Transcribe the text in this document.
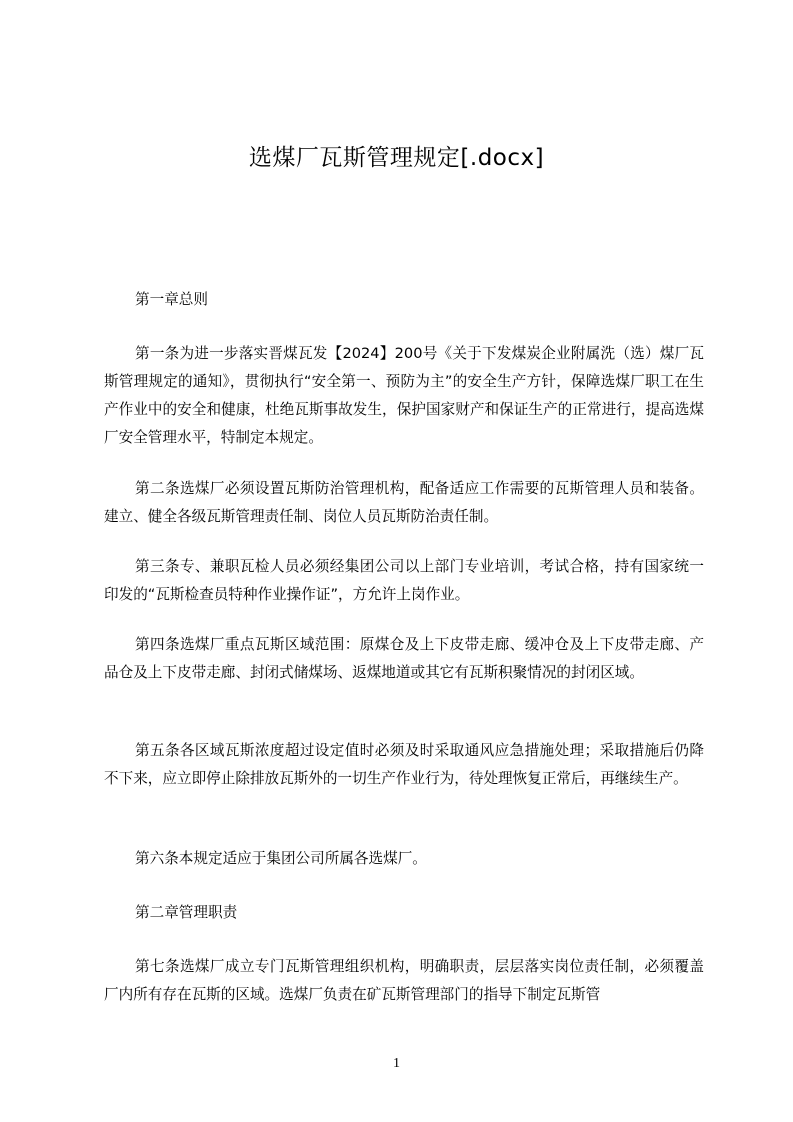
选煤厂瓦斯管理规定[.docx]

第一章总则

第一条为进一步落实晋煤瓦发【2024】200号《关于下发煤炭企业附属洗（选）煤厂瓦斯管理规定的通知》，贯彻执行“安全第一、预防为主”的安全生产方针，保障选煤厂职工在生产作业中的安全和健康，杜绝瓦斯事故发生，保护国家财产和保证生产的正常进行，提高选煤厂安全管理水平，特制定本规定。

第二条选煤厂必须设置瓦斯防治管理机构，配备适应工作需要的瓦斯管理人员和装备。建立、健全各级瓦斯管理责任制、岗位人员瓦斯防治责任制。

第三条专、兼职瓦检人员必须经集团公司以上部门专业培训，考试合格，持有国家统一印发的“瓦斯检查员特种作业操作证”，方允许上岗作业。

第四条选煤厂重点瓦斯区域范围：原煤仓及上下皮带走廊、缓冲仓及上下皮带走廊、产品仓及上下皮带走廊、封闭式储煤场、返煤地道或其它有瓦斯积聚情况的封闭区域。

第五条各区域瓦斯浓度超过设定值时必须及时采取通风应急措施处理；采取措施后仍降不下来，应立即停止除排放瓦斯外的一切生产作业行为，待处理恢复正常后，再继续生产。

第六条本规定适应于集团公司所属各选煤厂。

第二章管理职责

第七条选煤厂成立专门瓦斯管理组织机构，明确职责，层层落实岗位责任制，必须覆盖厂内所有存在瓦斯的区域。选煤厂负责在矿瓦斯管理部门的指导下制定瓦斯管

1
